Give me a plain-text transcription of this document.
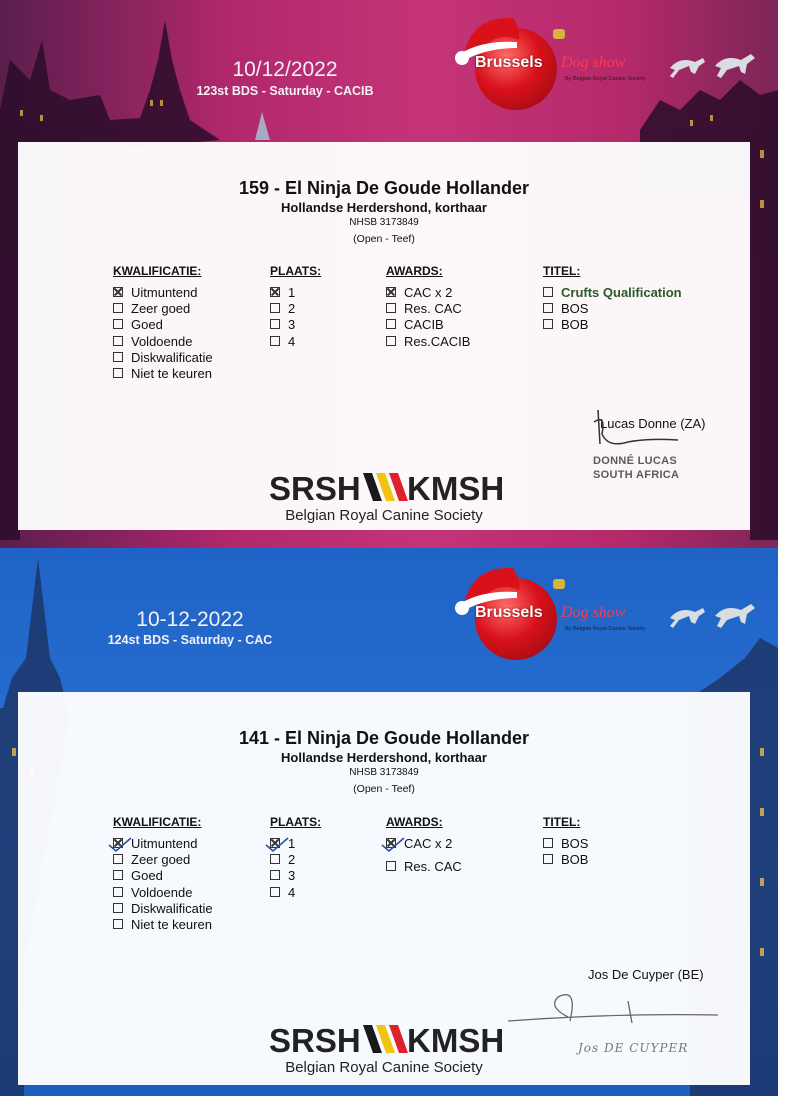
10/12/2022
123st BDS - Saturday - CACIB
Brussels Dog show
By Belgian Royal Canine Society
159 - El Ninja De Goude Hollander
Hollandse Herdershond, korthaar
NHSB 3173849
(Open - Teef)
KWALIFICATIE:
Uitmuntend
Zeer goed
Goed
Voldoende
Diskwalificatie
Niet te keuren
PLAATS:
1
2
3
4
AWARDS:
CAC x 2
Res. CAC
CACIB
Res.CACIB
TITEL:
Crufts Qualification
BOS
BOB
Lucas Donne (ZA)
DONNÉ LUCAS
SOUTH AFRICA
SRSH KMSH
Belgian Royal Canine Society
10-12-2022
124st BDS - Saturday - CAC
Brussels Dog show
By Belgian Royal Canine Society
141 - El Ninja De Goude Hollander
Hollandse Herdershond, korthaar
NHSB 3173849
(Open - Teef)
KWALIFICATIE:
Uitmuntend
Zeer goed
Goed
Voldoende
Diskwalificatie
Niet te keuren
PLAATS:
1
2
3
4
AWARDS:
CAC x 2
Res. CAC
TITEL:
BOS
BOB
Jos De Cuyper (BE)
Jos DE CUYPER
SRSH KMSH
Belgian Royal Canine Society
